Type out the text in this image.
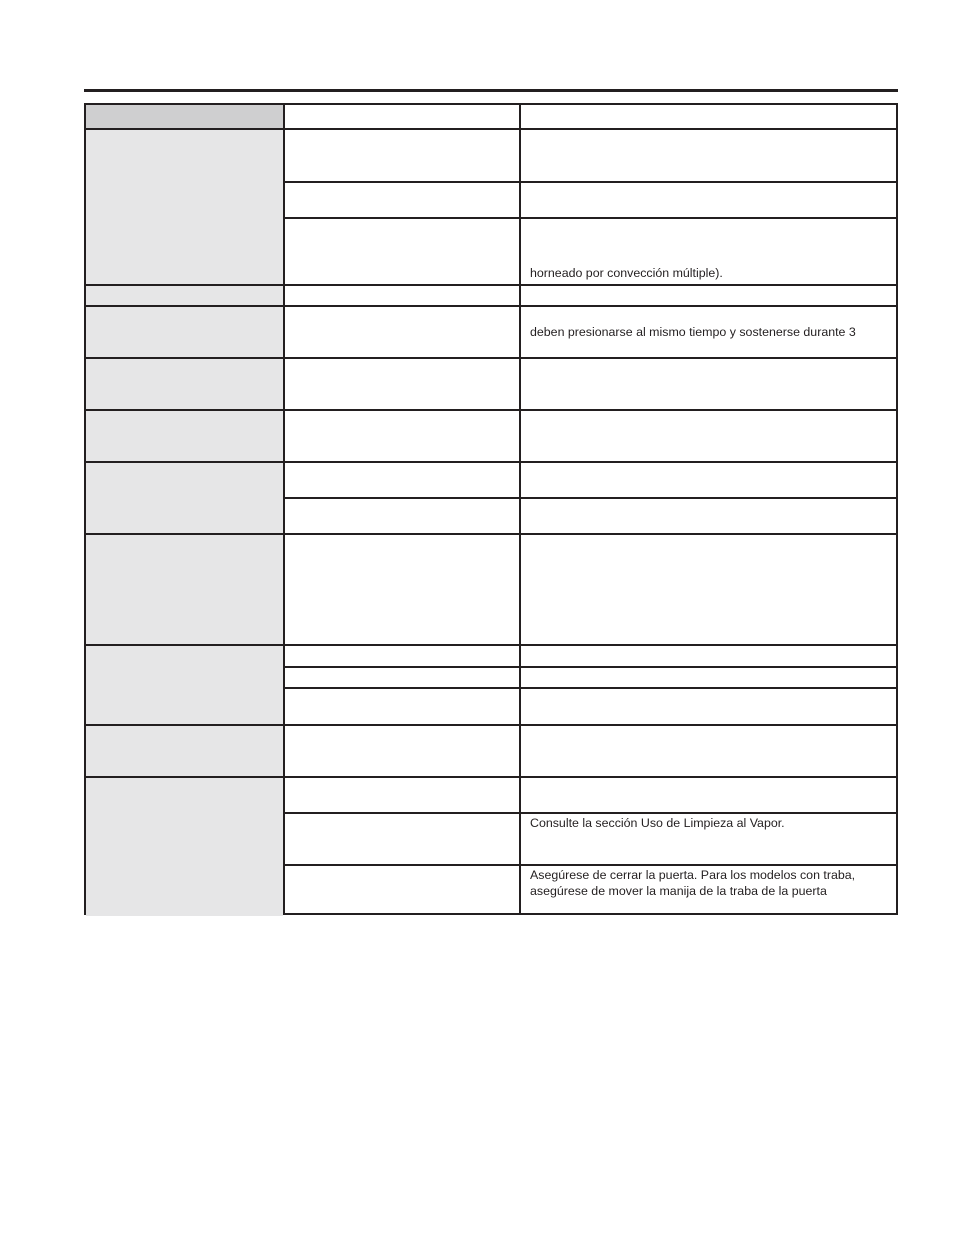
horneado por convección múltiple).
deben presionarse al mismo tiempo y sostenerse durante 3
Consulte la sección Uso de Limpieza al Vapor.
Asegúrese de cerrar la puerta. Para los modelos con traba,
asegúrese de mover la manija de la traba de la puerta
